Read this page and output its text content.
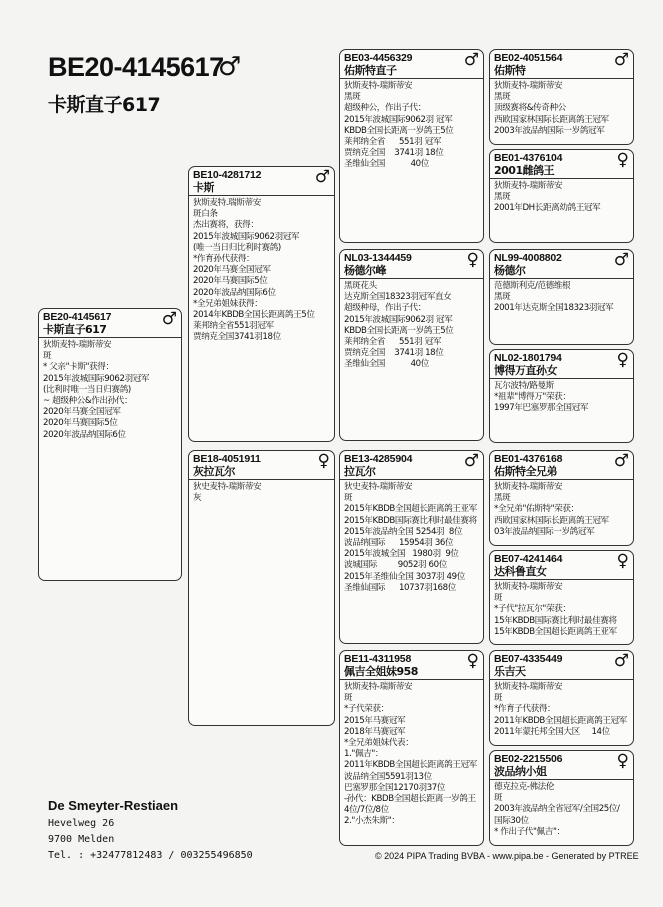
BE20-4145617
♂
卡斯直子617
BE20-4145617
卡斯直子617
♂
狄斯麦特-瑞斯蒂安
斑
* 父亲"卡斯"获得：
2015年波城国际9062羽冠军
(比利时唯一当日归赛鸽)
~ 超级种公&作出孙代：
2020年马赛全国冠军
2020年马赛国际5位
2020年波品纳国际6位
BE10-4281712
卡斯
♂
狄斯麦特.瑞斯蒂安
斑白条
杰出赛将，获得：
2015年波城国际9062羽冠军
(唯一当日归比利时赛鸽)
*作育孙代获得：
2020年马赛全国冠军
2020年马赛国际5位
2020年波品纳国际6位
*全兄弟姐妹获得：
2014年KBDB全国长距离鸽王5位
莱邦纳全省551羽冠军
贾纳克全国3741羽18位
BE18-4051911
灰拉瓦尔
♀
狄史麦特-瑞斯蒂安
灰
BE03-4456329
佑斯特直子
♂
狄斯麦特-瑞斯蒂安
黑斑
超级种公，作出子代：
2015年波城国际9062羽 冠军
KBDB全国长距离一岁鸽王5位
莱邦纳全省      551羽 冠军
贾纳克全国    3741羽 18位
圣维仙全国           40位
NL03-1344459
杨德尔峰
♀
黑斑花头
达克斯全国18323羽冠军直女
超级种母，作出子代：
2015年波城国际9062羽 冠军
KBDB全国长距离一岁鸽王5位
莱邦纳全省      551羽 冠军
贾纳克全国    3741羽 18位
圣维仙全国           40位
BE13-4285904
拉瓦尔
♂
狄史麦特-瑞斯蒂安
斑
2015年KBDB全国超长距离鸽王亚军
2015年KBDB国际赛比利时最佳赛将
2015年波品纳全国 5254羽  8位
波品纳国际      15954羽 36位
2015年波城全国   1980羽  9位
波城国际         9052羽 60位
2015年圣维仙全国 3037羽 49位
圣维仙国际      10737羽168位
BE11-4311958
佩吉全姐妹958
♀
狄斯麦特-瑞斯蒂安
斑
*子代荣获：
2015年马赛冠军
2018年马赛冠军
*全兄弟姐妹代表：
1."佩吉"：
2011年KBDB全国超长距离鸽王冠军
波品纳全国5591羽13位
巴塞罗那全国12170羽37位
-孙代：KBDB全国超长距离一岁鸽王
4位/7位/8位
2."小杰朱斯"：
BE02-4051564
佑斯特
♂
狄斯麦特-瑞斯蒂安
黑斑
顶级赛将&传奇种公
西欧国家林国际长距离鸽王冠军
2003年波品纳国际一岁鸽冠军
BE01-4376104
2001雌鸽王
♀
狄斯麦特-瑞斯蒂安
黑斑
2001年DH长距离幼鸽王冠军
NL99-4008802
杨德尔
♂
范德斯利克/范德维根
黑斑
2001年达克斯全国18323羽冠军
NL02-1801794
博得万直孙女
♀
瓦尔波特/路曼斯
*祖辈"博得万"荣获：
1997年巴塞罗那全国冠军
BE01-4376168
佑斯特全兄弟
♂
狄斯麦特-瑞斯蒂安
黑斑
*全兄弟"佑斯特"荣获：
西欧国家林国际长距离鸽王冠军
03年波品纳国际一岁鸽冠军
BE07-4241464
达科鲁直女
♀
狄斯麦特-瑞斯蒂安
斑
*子代"拉瓦尔"荣获：
15年KBDB国际赛比利时最佳赛将
15年KBDB全国超长距离鸽王亚军
BE07-4335449
乐吉天
♂
狄斯麦特-瑞斯蒂安
斑
*作育子代获得：
2011年KBDB全国超长距离鸽王冠军
2011年蒙托邦全国大区     14位
BE02-2215506
波品纳小姐
♀
德克拉克-佛法伦
斑
2003年波品纳全省冠军/全国25位/
国际30位
* 作出子代"佩吉"：
De Smeyter-Restiaen
Hevelweg 26
9700 Melden
Tel. : +32477812483 / 003255496850	© 2024 PIPA Trading BVBA - www.pipa.be - Generated by PTREE
